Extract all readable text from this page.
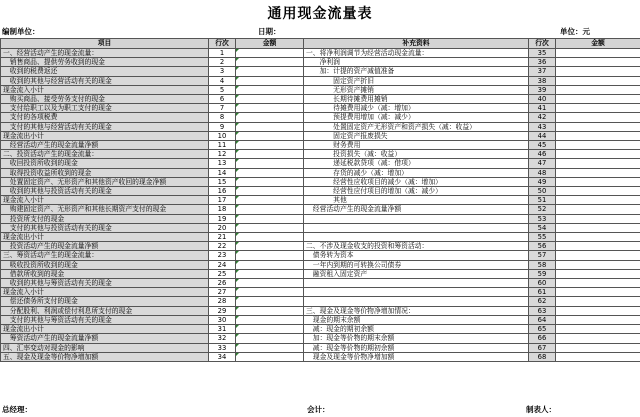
通用现金流量表
编制单位：	日期：	单位：元
项目	行次	金额	补充资料	行次	金额
一、经营活动产生的现金流量：	1		一、将净利润调节为经营活动现金流量：	35	
　销售商品、提供劳务收到的现金	2		　　净利润	36	
　收到的税费返还	3		　　加：计提的资产减值准备	37	
　收到的其他与经营活动有关的现金	4		　　　　固定资产折旧	38	
现金流入小计	5		　　　　无形资产摊销	39	
　购买商品、接受劳务支付的现金	6		　　　　长期待摊费用摊销	40	
　支付给职工以及为职工支付的现金	7		　　　　待摊费用减少（减：增加）	41	
　支付的各项税费	8		　　　　预提费用增加（减：减少）	42	
　支付的其他与经营活动有关的现金	9		　　　　处置固定资产无形资产和资产损失（减：收益）	43	
现金流出小计	10		　　　　固定资产报废损失	44	
　经营活动产生的现金流量净额	11		　　　　财务费用	45	
二、投资活动产生的现金流量：	12		　　　　投资损失（减：收益）	46	
　收回投资所收到的现金	13		　　　　递延税款贷项（减：借项）	47	
　取得投资收益所收到的现金	14		　　　　存货的减少（减：增加）	48	
　处置固定资产、无形资产和其他资产收回的现金净额	15		　　　　经营性应收项目的减少（减：增加）	49	
　收到的其他与投资活动有关的现金	16		　　　　经营性应付项目的增加（减：减少）	50	
现金流入小计	17		　　　　其他	51	
　购建固定资产、无形资产和其他长期资产支付的现金	18		　经营活动产生的现金流量净额	52	
　投资所支付的现金	19			53	
　支付的其他与投资活动有关的现金	20			54	
现金流出小计	21			55	
　投资活动产生的现金流量净额	22		二、不涉及现金收支的投资和筹资活动：	56	
三、筹资活动产生的现金流量：	23		　债务转为资本	57	
　吸收投资所收到的现金	24		　一年内到期的可转换公司债券	58	
　借款所收到的现金	25		　融资租入固定资产	59	
　收到的其他与筹资活动有关的现金	26			60	
现金流入小计	27			61	
　偿还债务所支付的现金	28			62	
　分配股利、利润或偿付利息所支付的现金	29		三、现金及现金等价物净增加情况：	63	
　支付的其他与筹资活动有关的现金	30		　现金的期末余额	64	
现金流出小计	31		　减：现金的期初余额	65	
　筹资活动产生的现金流量净额	32		　加：现金等价物的期末余额	66	
四、汇率变动对现金的影响	33		　减：现金等价物的期初余额	67	
五、现金及现金等价物净增加额	34		　现金及现金等价物净增加额	68	
总经理：	会计：	制表人：
